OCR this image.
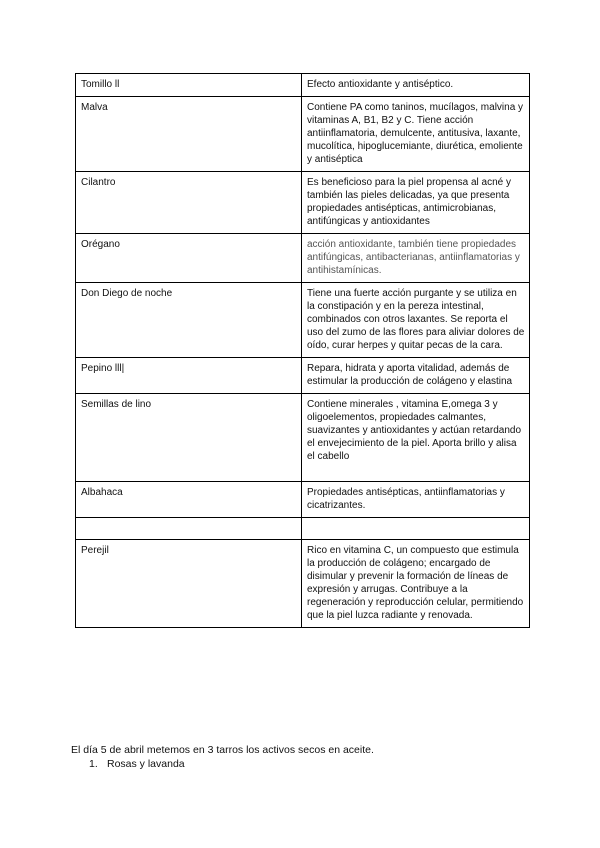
Tomillo ll	Efecto antioxidante y antiséptico.
Malva	Contiene PA como taninos, mucílagos, malvina y vitaminas A, B1, B2 y C. Tiene acción antiinflamatoria, demulcente, antitusiva, laxante, mucolítica, hipoglucemiante, diurética, emoliente y antiséptica
Cilantro	Es beneficioso para la piel propensa al acné y también las pieles delicadas, ya que presenta propiedades antisépticas, antimicrobianas, antifúngicas y antioxidantes
Orégano	acción antioxidante, también tiene propiedades antifúngicas, antibacterianas, antiinflamatorias y antihistamínicas.
Don Diego de noche	Tiene una fuerte acción purgante y se utiliza en la constipación y en la pereza intestinal, combinados con otros laxantes. Se reporta el uso del zumo de las flores para aliviar dolores de oído, curar herpes y quitar pecas de la cara.
Pepino lll|	Repara, hidrata y aporta vitalidad, además de estimular la producción de colágeno y elastina
Semillas de lino	Contiene minerales , vitamina E,omega 3 y oligoelementos, propiedades calmantes, suavizantes y antioxidantes y actúan retardando el envejecimiento de la piel. Aporta brillo y alisa el cabello
Albahaca	Propiedades antisépticas, antiinflamatorias y cicatrizantes.

Perejil	Rico en vitamina C, un compuesto que estimula la producción de colágeno; encargado de disimular y prevenir la formación de líneas de expresión y arrugas. Contribuye a la regeneración y reproducción celular, permitiendo que la piel luzca radiante y renovada.

El día 5 de abril metemos en 3 tarros los activos secos en aceite.

1. Rosas y lavanda
